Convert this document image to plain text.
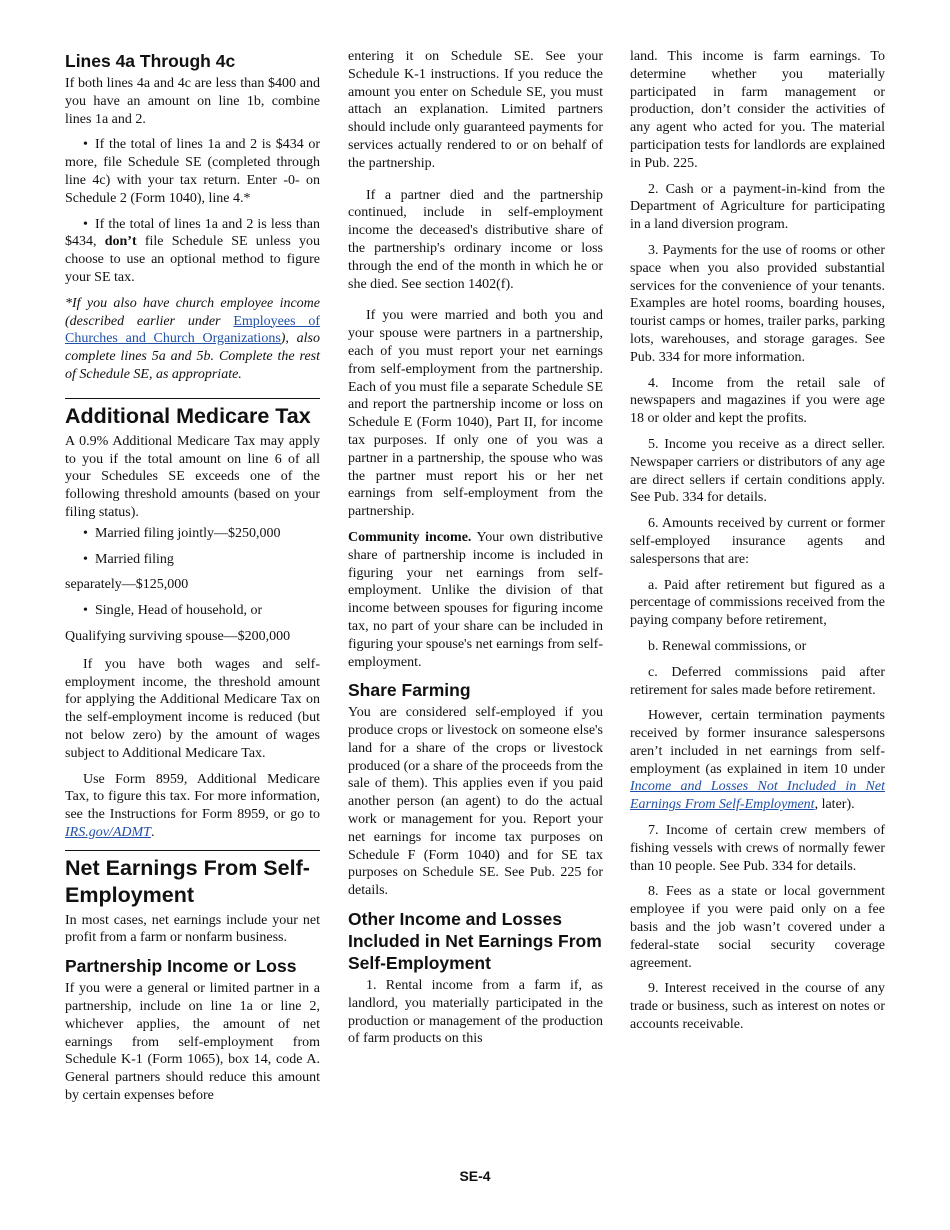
Lines 4a Through 4c

If both lines 4a and 4c are less than $400 and you have an amount on line 1b, combine lines 1a and 2.

• If the total of lines 1a and 2 is $434 or more, file Schedule SE (completed through line 4c) with your tax return. Enter -0- on Schedule 2 (Form 1040), line 4.*

• If the total of lines 1a and 2 is less than $434, don’t file Schedule SE unless you choose to use an optional method to figure your SE tax.

*If you also have church employee income (described earlier under Employees of Churches and Church Organizations), also complete lines 5a and 5b. Complete the rest of Schedule SE, as appropriate.

Additional Medicare Tax

A 0.9% Additional Medicare Tax may apply to you if the total amount on line 6 of all your Schedules SE exceeds one of the following threshold amounts (based on your filing status).

• Married filing jointly—$250,000

• Married filing

separately—$125,000

• Single, Head of household, or

Qualifying surviving spouse—$200,000

If you have both wages and self-employment income, the threshold amount for applying the Additional Medicare Tax on the self-employment income is reduced (but not below zero) by the amount of wages subject to Additional Medicare Tax.

Use Form 8959, Additional Medicare Tax, to figure this tax. For more information, see the Instructions for Form 8959, or go to IRS.gov/ADMT.

Net Earnings From Self-Employment

In most cases, net earnings include your net profit from a farm or nonfarm business.

Partnership Income or Loss

If you were a general or limited partner in a partnership, include on line 1a or line 2, whichever applies, the amount of net earnings from self-employment from Schedule K-1 (Form 1065), box 14, code A. General partners should reduce this amount by certain expenses before

entering it on Schedule SE. See your Schedule K-1 instructions. If you reduce the amount you enter on Schedule SE, you must attach an explanation. Limited partners should include only guaranteed payments for services actually rendered to or on behalf of the partnership.

If a partner died and the partnership continued, include in self-employment income the deceased's distributive share of the partnership's ordinary income or loss through the end of the month in which he or she died. See section 1402(f).

If you were married and both you and your spouse were partners in a partnership, each of you must report your net earnings from self-employment from the partnership. Each of you must file a separate Schedule SE and report the partnership income or loss on Schedule E (Form 1040), Part II, for income tax purposes. If only one of you was a partner in a partnership, the spouse who was the partner must report his or her net earnings from self-employment from the partnership.

Community income. Your own distributive share of partnership income is included in figuring your net earnings from self-employment. Unlike the division of that income between spouses for figuring income tax, no part of your share can be included in figuring your spouse's net earnings from self-employment.

Share Farming

You are considered self-employed if you produce crops or livestock on someone else's land for a share of the crops or livestock produced (or a share of the proceeds from the sale of them). This applies even if you paid another person (an agent) to do the actual work or management for you. Report your net earnings for income tax purposes on Schedule F (Form 1040) and for SE tax purposes on Schedule SE. See Pub. 225 for details.

Other Income and Losses Included in Net Earnings From Self-Employment

1. Rental income from a farm if, as landlord, you materially participated in the production or management of the production of farm products on this

land. This income is farm earnings. To determine whether you materially participated in farm management or production, don’t consider the activities of any agent who acted for you. The material participation tests for landlords are explained in Pub. 225.

2. Cash or a payment-in-kind from the Department of Agriculture for participating in a land diversion program.

3. Payments for the use of rooms or other space when you also provided substantial services for the convenience of your tenants. Examples are hotel rooms, boarding houses, tourist camps or homes, trailer parks, parking lots, warehouses, and storage garages. See Pub. 334 for more information.

4. Income from the retail sale of newspapers and magazines if you were age 18 or older and kept the profits.

5. Income you receive as a direct seller. Newspaper carriers or distributors of any age are direct sellers if certain conditions apply. See Pub. 334 for details.

6. Amounts received by current or former self-employed insurance agents and salespersons that are:

a. Paid after retirement but figured as a percentage of commissions received from the paying company before retirement,

b. Renewal commissions, or

c. Deferred commissions paid after retirement for sales made before retirement.

However, certain termination payments received by former insurance salespersons aren’t included in net earnings from self-employment (as explained in item 10 under Income and Losses Not Included in Net Earnings From Self-Employment, later).

7. Income of certain crew members of fishing vessels with crews of normally fewer than 10 people. See Pub. 334 for details.

8. Fees as a state or local government employee if you were paid only on a fee basis and the job wasn’t covered under a federal-state social security coverage agreement.

9. Interest received in the course of any trade or business, such as interest on notes or accounts receivable.

SE-4
